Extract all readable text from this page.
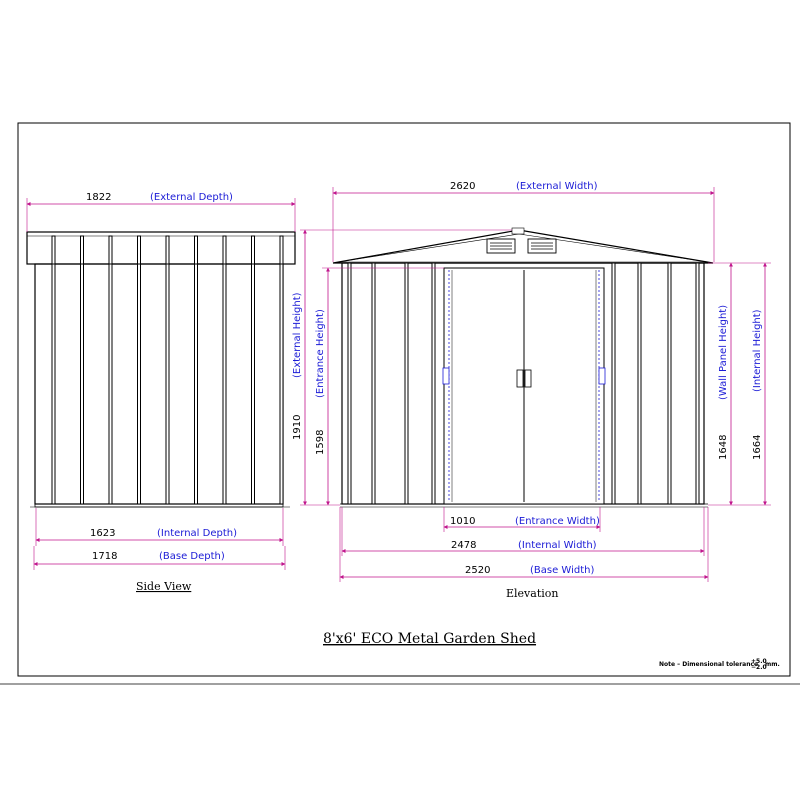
1822	(External Depth)
1623	(Internal Depth)
1718	(Base Depth)
Side View
2620	(External Width)
1910
(External Height)
1598
(Entrance Height)
1648
(Wall Panel Height)
1664
(Internal Height)
1010	(Entrance Width)
2478	(Internal Width)
2520	(Base Width)
Elevation
8'x6' ECO Metal Garden Shed
Note – Dimensional tolerance
+5.0
−2.0
mm.
